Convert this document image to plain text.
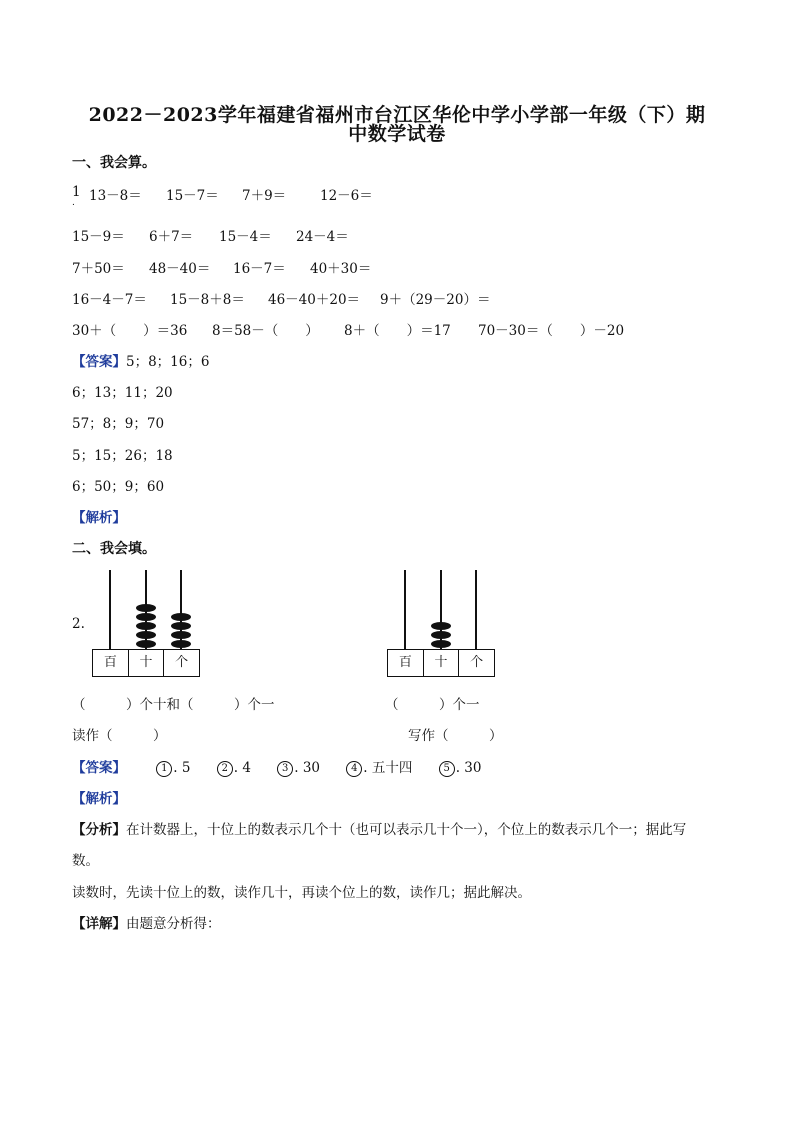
2022－2023学年福建省福州市台江区华伦中学小学部一年级（下）期
中数学试卷
一、我会算。
1
. 13－8＝ 15－7＝ 7＋9＝	12－6＝
15－9＝ 6＋7＝ 15－4＝ 24－4＝
7＋50＝ 48－40＝ 16－7＝ 40＋30＝
16－4－7＝ 15－8＋8＝ 46－40＋20＝ 9＋（29－20）＝
30＋（　　）＝36 8＝58－（　　） 8＋（　　）＝17 70－30＝（　　）－20
【答案】5；8；16；6
6；13；11；20
57；8；9；70
5；15；26；18
6；50；9；60
【解析】
二、我会填。
2.
百	十	个	百	十	个
（　　　）个十和（　　　）个一	（　　　）个一
读作（　　　）	写作（　　　）
【答案】	1 . 5	2 . 4	3 . 30	4 . 五十四	5 . 30
【解析】
【分析】在计数器上，十位上的数表示几个十（也可以表示几十个一），个位上的数表示几个一；据此写
数。
读数时，先读十位上的数，读作几十，再读个位上的数，读作几；据此解决。
【详解】由题意分析得：
